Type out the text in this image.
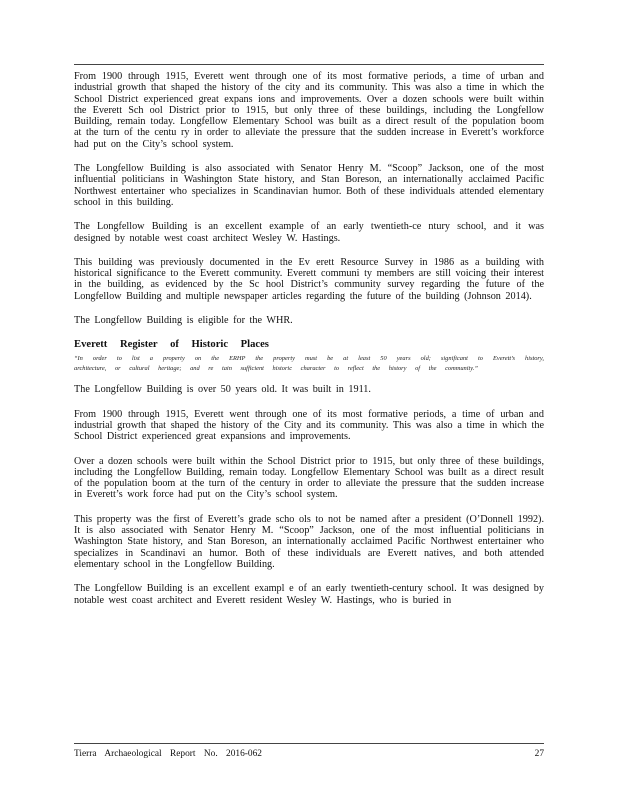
From 1900 through 1915, Everett went through one of its most formative periods, a time of urban and industrial growth that shaped the history of the city and its community. This was also a time in which the School District experienced great expans ions and improvements. Over a dozen schools were built within the Everett Sch ool District prior to 1915, but only three of these buildings, including the Longfellow Building, remain today. Longfellow Elementary School was built as a direct result of the population boom at the turn of the centu ry in order to alleviate the pressure that the sudden increase in Everett’s workforce had put on the City’s school system.

The Longfellow Building is also associated with Senator Henry M. “Scoop” Jackson, one of the most influential politicians in Washington State history, and Stan Boreson, an internationally acclaimed Pacific Northwest entertainer who specializes in Scandinavian humor. Both of these individuals attended elementary school in this building.

The Longfellow Building is an excellent example of an early twentieth-ce ntury school, and it was designed by notable west coast architect Wesley W. Hastings.

This building was previously documented in the Ev erett Resource Survey in 1986 as a building with historical significance to the Everett community. Everett communi ty members are still voicing their interest in the building, as evidenced by the Sc hool District’s community survey regarding the future of the Longfellow Building and multiple newspaper articles regarding the future of the building (Johnson 2014).

The Longfellow Building is eligible for the WHR.

Everett Register of Historic Places

“In order to list a property on the ERHP the property must be at least 50 years old; significant to Everett’s history, architecture, or cultural heritage; and re tain sufficient historic character to reflect the history of the community.”

The Longfellow Building is over 50 years old. It was built in 1911.

From 1900 through 1915, Everett went through one of its most formative periods, a time of urban and industrial growth that shaped the history of the City and its community. This was also a time in which the School District experienced great expansions and improvements.

Over a dozen schools were built within the School District prior to 1915, but only three of these buildings, including the Longfellow Building, remain today. Longfellow Elementary School was built as a direct result of the population boom at the turn of the century in order to alleviate the pressure that the sudden increase in Everett’s work force had put on the City’s school system.

This property was the first of Everett’s grade scho ols to not be named after a president (O’Donnell 1992). It is also associated with Senator Henry M. “Scoop” Jackson, one of the most influential politicians in Washington State history, and Stan Boreson, an internationally acclaimed Pacific Northwest entertainer who specializes in Scandinavi an humor. Both of these individuals are Everett natives, and both attended elementary school in the Longfellow Building.

The Longfellow Building is an excellent exampl e of an early twentieth-century school. It was designed by notable west coast architect and Everett resident Wesley W. Hastings, who is buried in

Tierra Archaeological Report No. 2016-062	27
